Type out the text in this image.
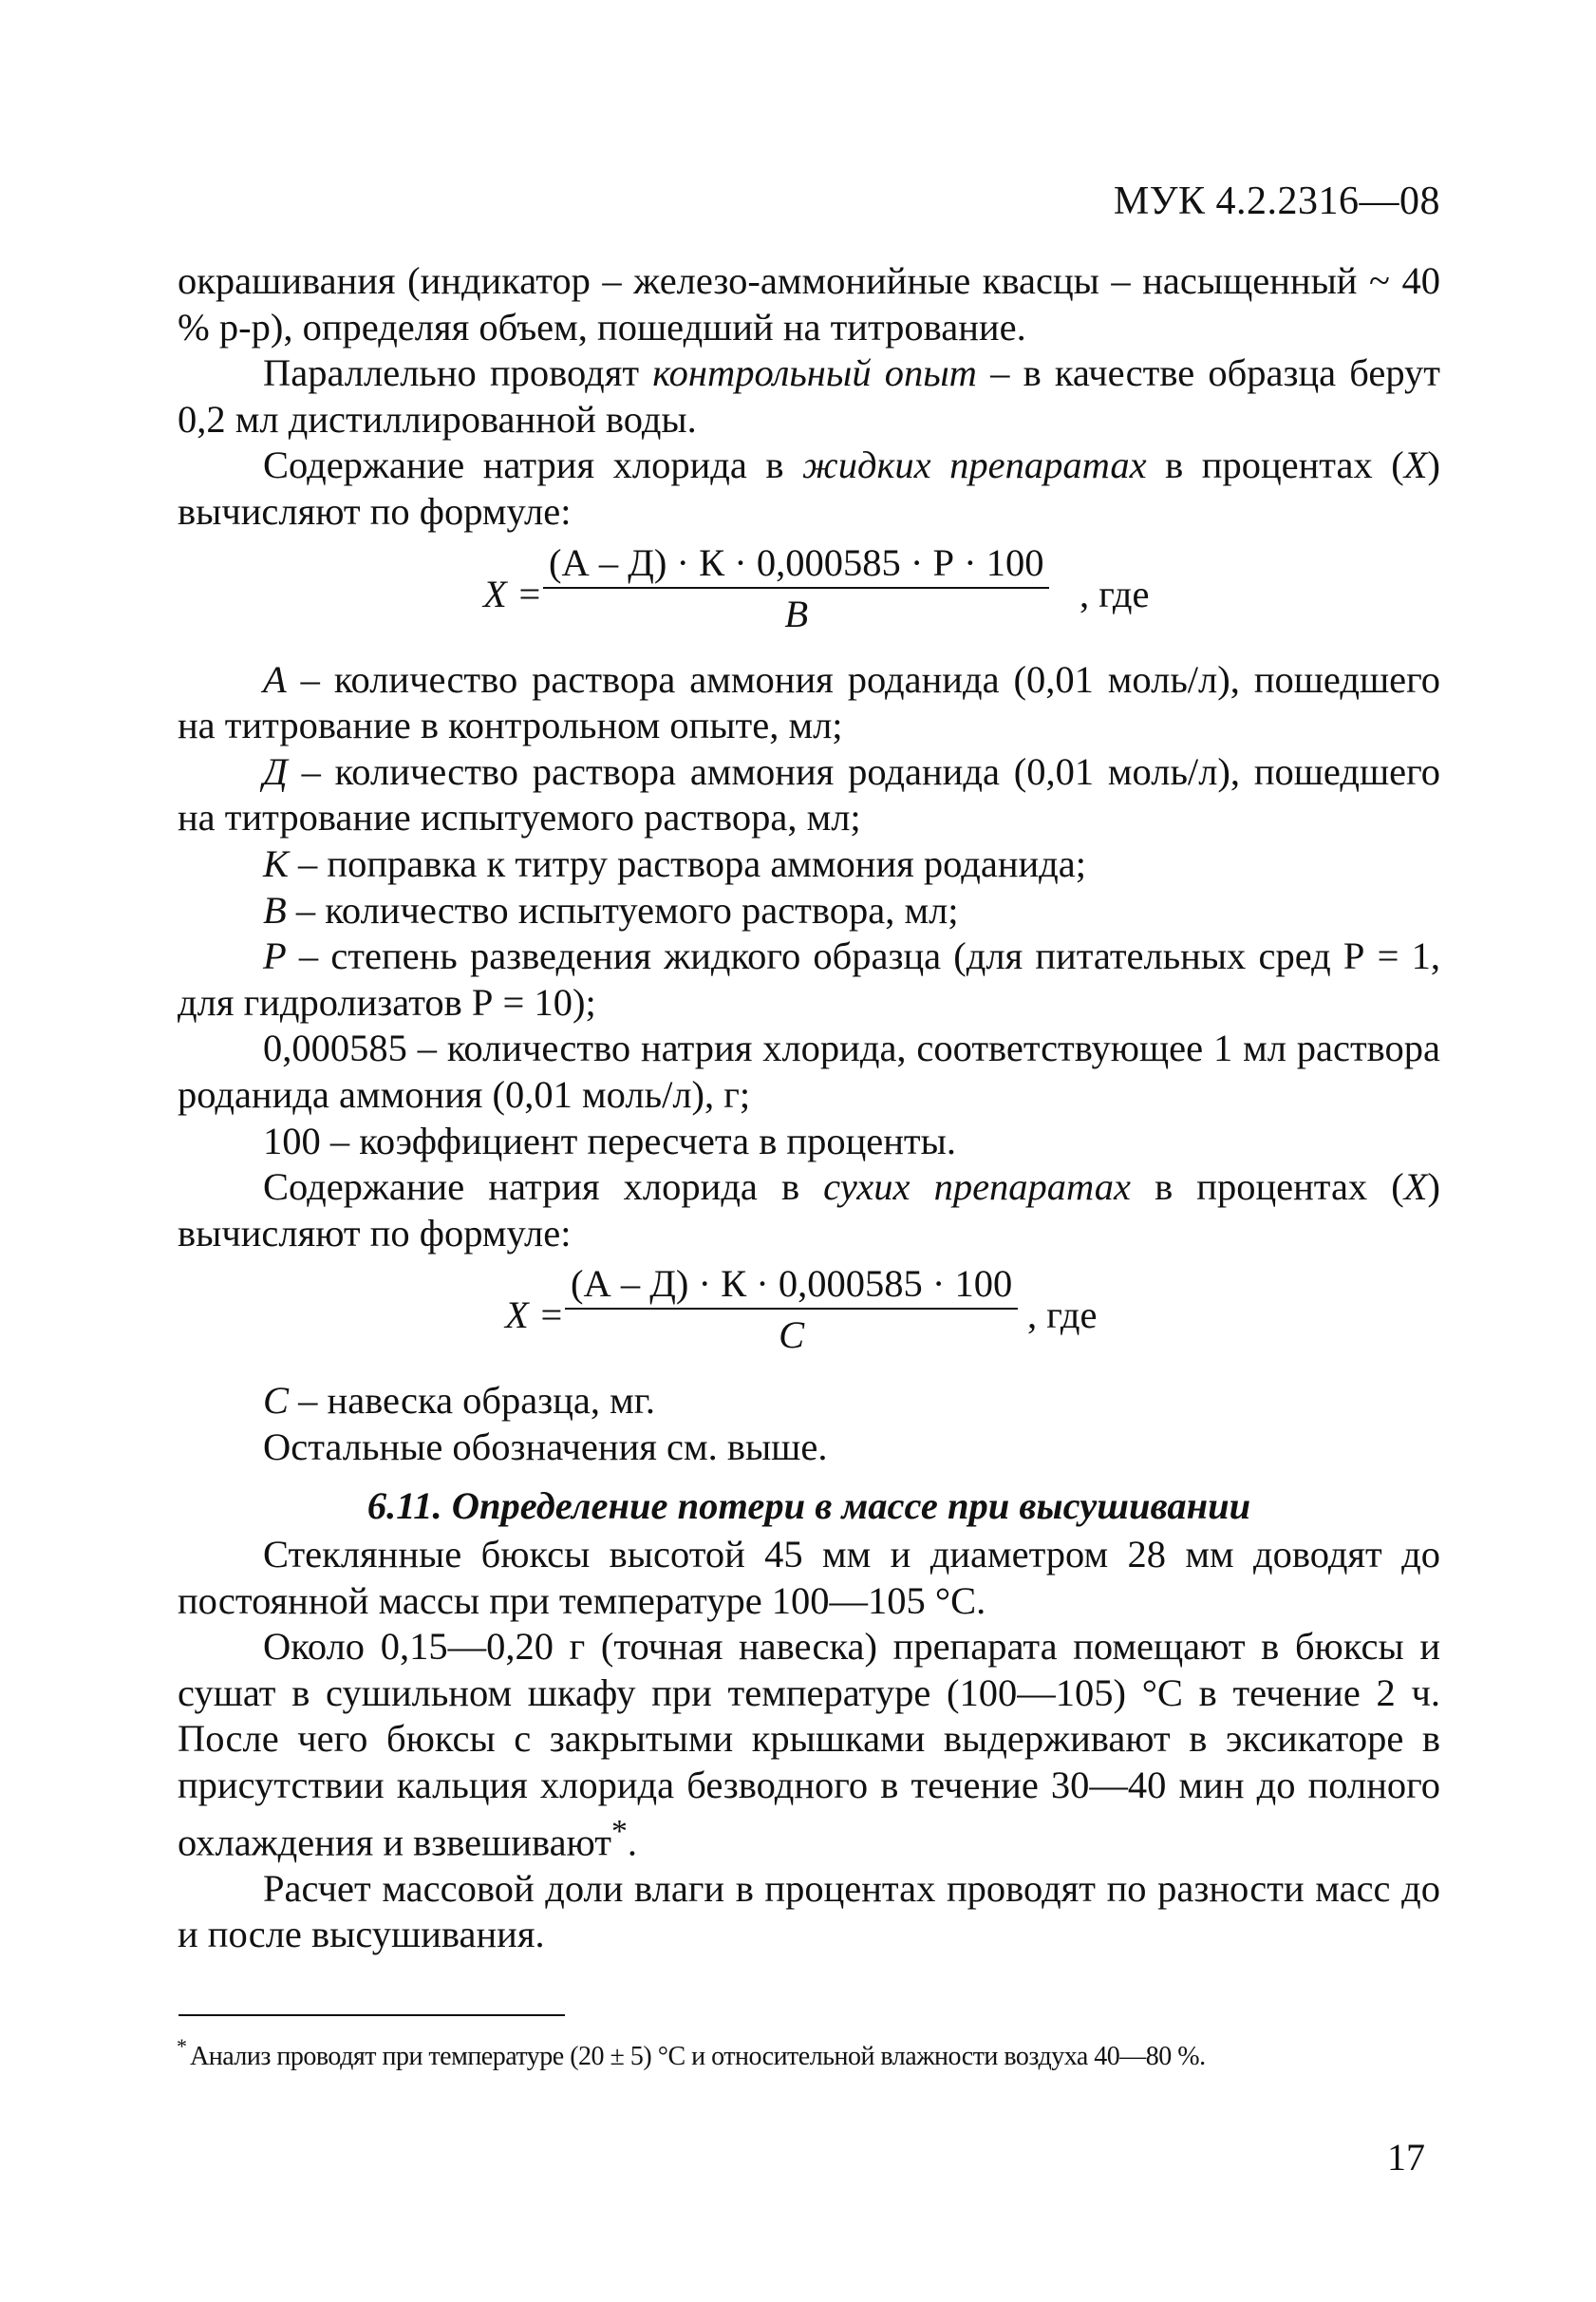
МУК 4.2.2316—08

окрашивания (индикатор – железо-аммонийные квасцы – насыщенный ~ 40 % р-р), определяя объем, пошедший на титрование.

Параллельно проводят контрольный опыт – в качестве образца берут 0,2 мл дистиллированной воды.

Содержание натрия хлорида в жидких препаратах в процентах (X) вычисляют по формуле:

X =
(А – Д) · К · 0,000585 · Р · 100
В	, где

А – количество раствора аммония роданида (0,01 моль/л), пошедшего на титрование в контрольном опыте, мл;

Д – количество раствора аммония роданида (0,01 моль/л), пошедшего на титрование испытуемого раствора, мл;

К – поправка к титру раствора аммония роданида;

В – количество испытуемого раствора, мл;

Р – степень разведения жидкого образца (для питательных сред Р = 1, для гидролизатов Р = 10);

0,000585 – количество натрия хлорида, соответствующее 1 мл раствора роданида аммония (0,01 моль/л), г;

100 – коэффициент пересчета в проценты.

Содержание натрия хлорида в сухих препаратах в процентах (X) вычисляют по формуле:

X =
(А – Д) · К · 0,000585 · 100
С	, где

С – навеска образца, мг.

Остальные обозначения см. выше.

6.11. Определение потери в массе при высушивании

Стеклянные бюксы высотой 45 мм и диаметром 28 мм доводят до постоянной массы при температуре 100—105 °С.

Около 0,15—0,20 г (точная навеска) препарата помещают в бюксы и сушат в сушильном шкафу при температуре (100—105) °С в течение 2 ч. После чего бюксы с закрытыми крышками выдерживают в эксикаторе в присутствии кальция хлорида безводного в течение 30—40 мин до полного охлаждения и взвешивают*.

Расчет массовой доли влаги в процентах проводят по разности масс до и после высушивания.

* Анализ проводят при температуре (20 ± 5) °С и относительной влажности воздуха 40—80 %.
17
